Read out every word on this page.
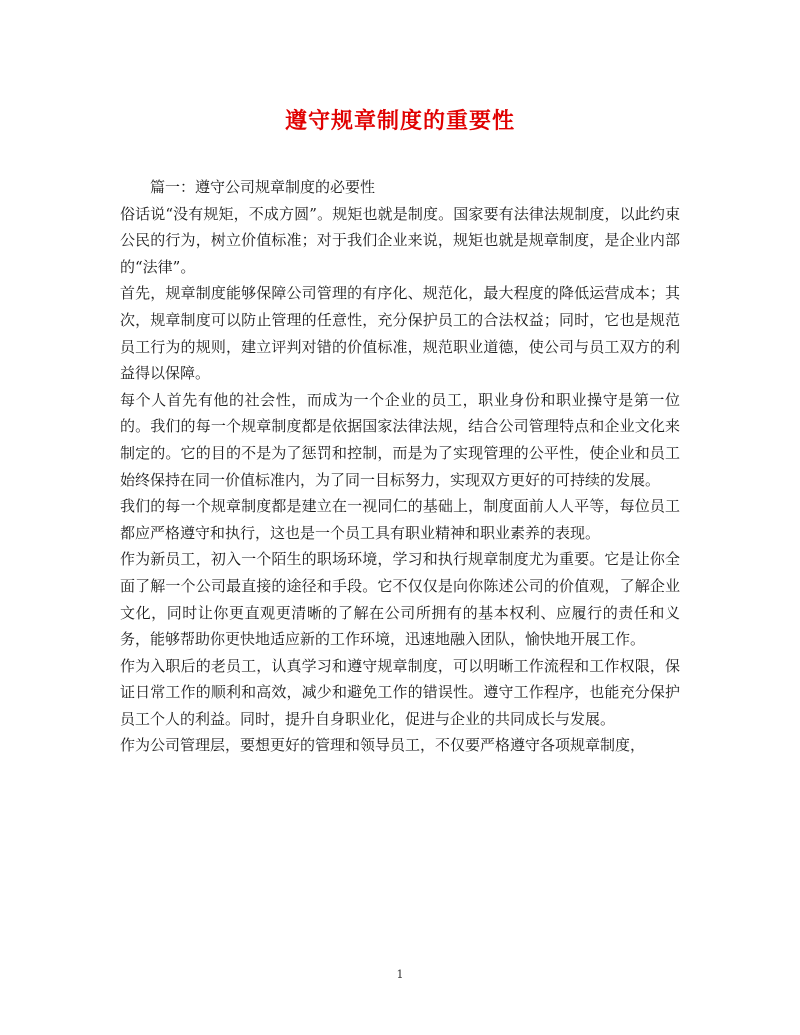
遵守规章制度的重要性

篇一：遵守公司规章制度的必要性

俗话说“没有规矩，不成方圆”。规矩也就是制度。国家要有法律法规制度，以此约束公民的行为，树立价值标准；对于我们企业来说，规矩也就是规章制度，是企业内部的“法律”。

首先，规章制度能够保障公司管理的有序化、规范化，最大程度的降低运营成本；其次，规章制度可以防止管理的任意性，充分保护员工的合法权益；同时，它也是规范员工行为的规则，建立评判对错的价值标准，规范职业道德，使公司与员工双方的利益得以保障。

每个人首先有他的社会性，而成为一个企业的员工，职业身份和职业操守是第一位的。我们的每一个规章制度都是依据国家法律法规，结合公司管理特点和企业文化来制定的。它的目的不是为了惩罚和控制，而是为了实现管理的公平性，使企业和员工始终保持在同一价值标准内，为了同一目标努力，实现双方更好的可持续的发展。

我们的每一个规章制度都是建立在一视同仁的基础上，制度面前人人平等，每位员工都应严格遵守和执行，这也是一个员工具有职业精神和职业素养的表现。

作为新员工，初入一个陌生的职场环境，学习和执行规章制度尤为重要。它是让你全面了解一个公司最直接的途径和手段。它不仅仅是向你陈述公司的价值观，了解企业文化，同时让你更直观更清晰的了解在公司所拥有的基本权利、应履行的责任和义务，能够帮助你更快地适应新的工作环境，迅速地融入团队，愉快地开展工作。

作为入职后的老员工，认真学习和遵守规章制度，可以明晰工作流程和工作权限，保证日常工作的顺利和高效，减少和避免工作的错误性。遵守工作程序，也能充分保护员工个人的利益。同时，提升自身职业化，促进与企业的共同成长与发展。

作为公司管理层，要想更好的管理和领导员工，不仅要严格遵守各项规章制度，

1
